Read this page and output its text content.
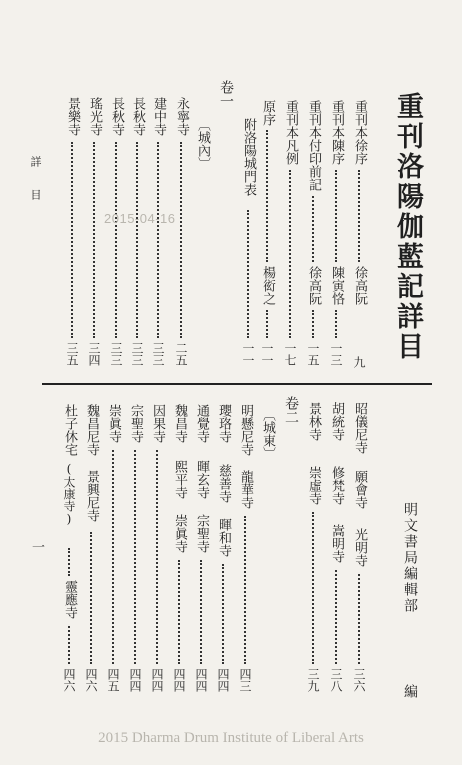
重刊洛陽伽藍記詳目
重刊本徐序
徐高阮
九
重刊本陳序
陳寅恪
一三
重刊本付印前記
徐高阮
一五
重刊本凡例
一七
原序
楊衒之
一一
附洛陽城門表
一一
卷一
〔城內〕
永寧寺
二五
建中寺
三三
長秋寺
三三
長秋寺
三三
瑤光寺
三四
景樂寺
三五
詳目	2015-04-16
昭儀尼寺
願會寺
光明寺
三六
胡統寺
修梵寺
嵩明寺
三八
景林寺
崇虛寺
三九
卷二
〔城東〕
明懸尼寺
龍華寺
四三
瓔珞寺
慈善寺
暉和寺
四四
通覺寺
暉玄寺
宗聖寺
四四
魏昌寺
熙平寺
崇眞寺
四四
因果寺
四四
宗聖寺
四四
崇眞寺
四五
魏昌尼寺
景興尼寺
四六
杜子休宅
(太康寺)
靈應寺
四六
一	明文書局編輯部
編
2015 Dharma Drum Institute of Liberal Arts
